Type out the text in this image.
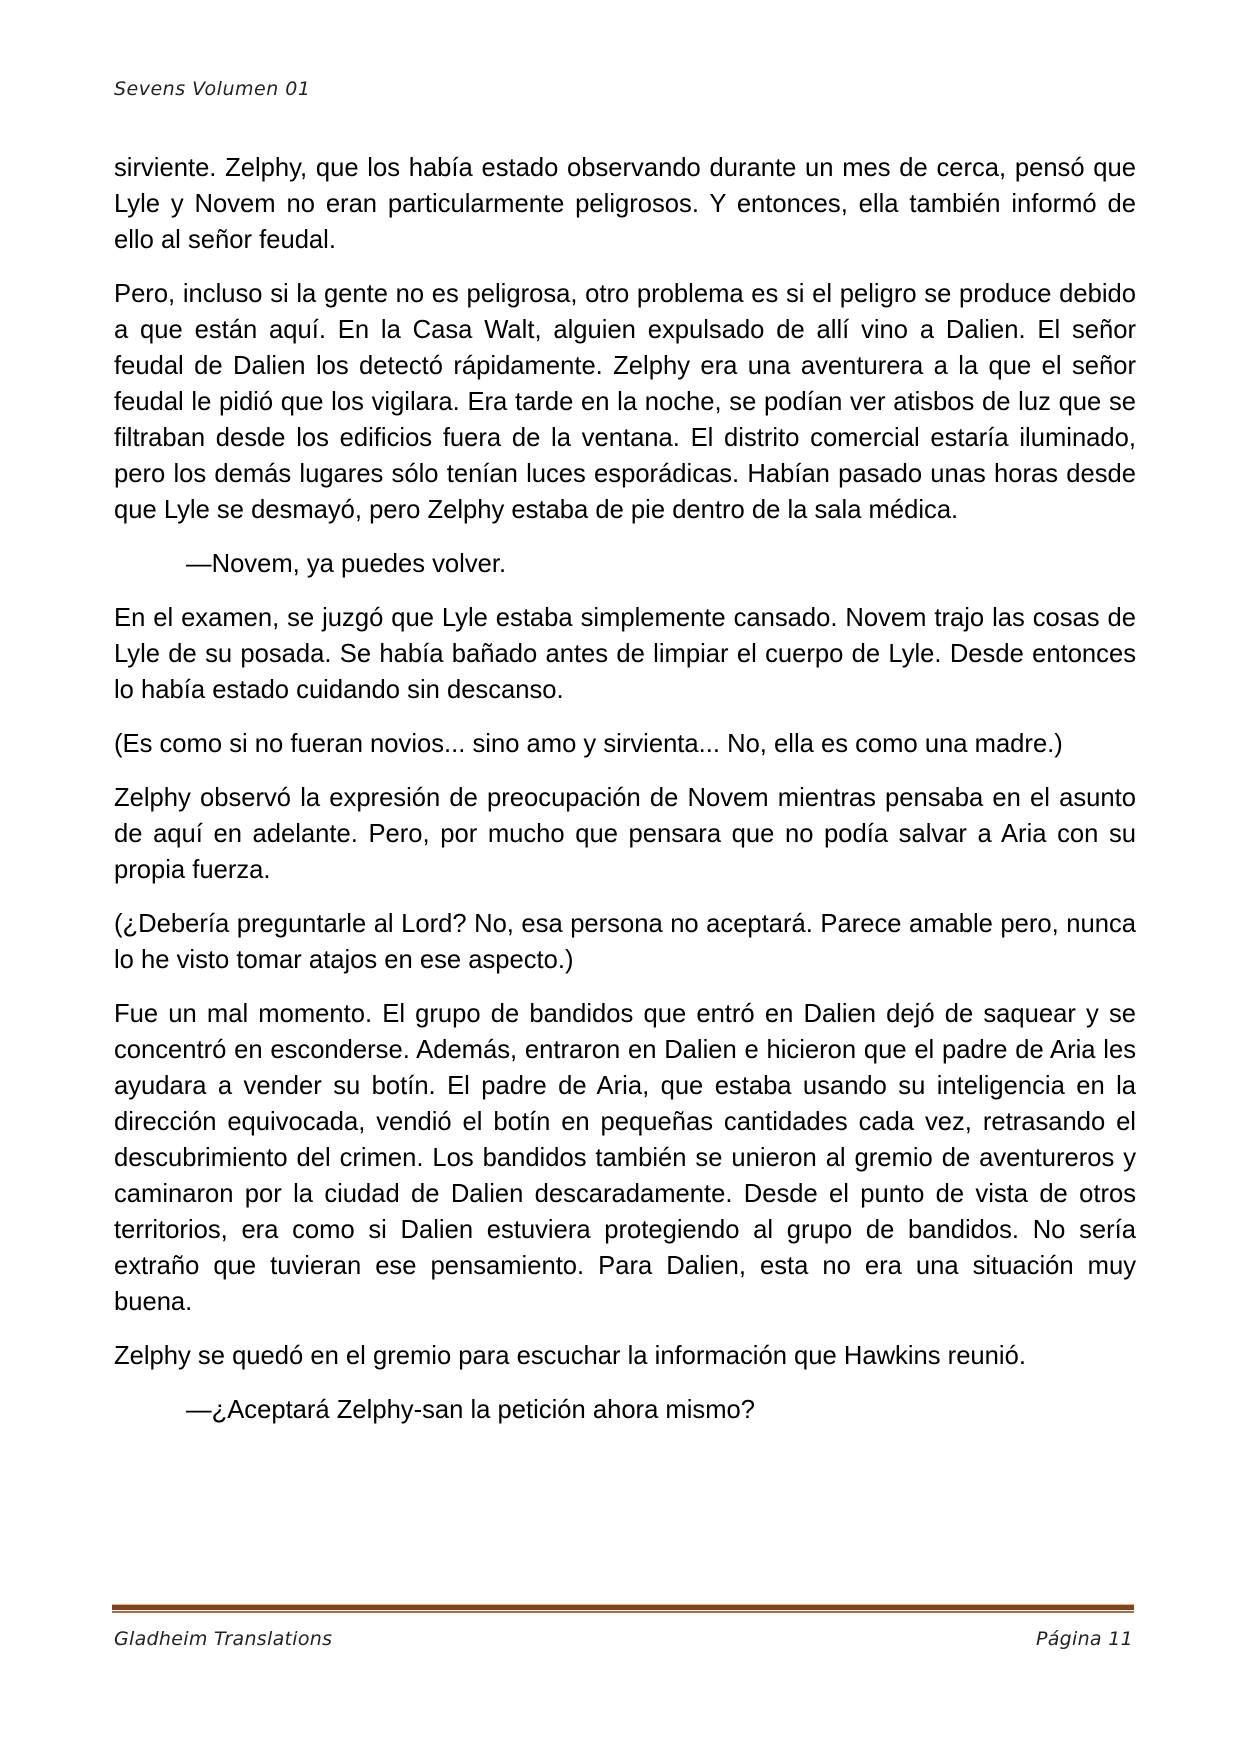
Sevens Volumen 01

sirviente. Zelphy, que los había estado observando durante un mes de cerca, pensó que Lyle y Novem no eran particularmente peligrosos. Y entonces, ella también informó de ello al señor feudal.

Pero, incluso si la gente no es peligrosa, otro problema es si el peligro se produce debido a que están aquí. En la Casa Walt, alguien expulsado de allí vino a Dalien. El señor feudal de Dalien los detectó rápidamente. Zelphy era una aventurera a la que el señor feudal le pidió que los vigilara. Era tarde en la noche, se podían ver atisbos de luz que se filtraban desde los edificios fuera de la ventana. El distrito comercial estaría iluminado, pero los demás lugares sólo tenían luces esporádicas. Habían pasado unas horas desde que Lyle se desmayó, pero Zelphy estaba de pie dentro de la sala médica.

—Novem, ya puedes volver.

En el examen, se juzgó que Lyle estaba simplemente cansado. Novem trajo las cosas de Lyle de su posada. Se había bañado antes de limpiar el cuerpo de Lyle. Desde entonces lo había estado cuidando sin descanso.

(Es como si no fueran novios... sino amo y sirvienta... No, ella es como una madre.)

Zelphy observó la expresión de preocupación de Novem mientras pensaba en el asunto de aquí en adelante. Pero, por mucho que pensara que no podía salvar a Aria con su propia fuerza.

(¿Debería preguntarle al Lord? No, esa persona no aceptará. Parece amable pero, nunca lo he visto tomar atajos en ese aspecto.)

Fue un mal momento. El grupo de bandidos que entró en Dalien dejó de saquear y se concentró en esconderse. Además, entraron en Dalien e hicieron que el padre de Aria les ayudara a vender su botín. El padre de Aria, que estaba usando su inteligencia en la dirección equivocada, vendió el botín en pequeñas cantidades cada vez, retrasando el descubrimiento del crimen. Los bandidos también se unieron al gremio de aventureros y caminaron por la ciudad de Dalien descaradamente. Desde el punto de vista de otros territorios, era como si Dalien estuviera protegiendo al grupo de bandidos. No sería extraño que tuvieran ese pensamiento. Para Dalien, esta no era una situación muy buena.

Zelphy se quedó en el gremio para escuchar la información que Hawkins reunió.

—¿Aceptará Zelphy-san la petición ahora mismo?

Gladheim Translations	Página 11
